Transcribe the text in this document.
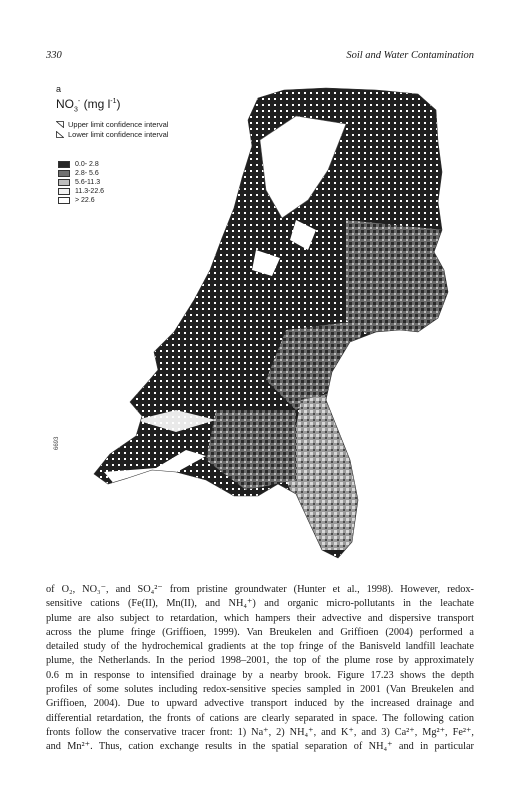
330	Soil and Water Contamination
a
$NO_3^-$ (mg $l^{-1}$)
Upper limit confidence interval
Lower limit confidence interval
0.0- 2.8
2.8- 5.6
5.6-11.3
11.3-22.6
> 22.6
6693
of O₂, NO₃⁻, and SO₄²⁻ from pristine groundwater (Hunter et al., 1998). However, redox-
sensitive cations (Fe(II), Mn(II), and NH₄⁺) and organic micro-pollutants in the leachate
plume are also subject to retardation, which hampers their advective and dispersive transport
across the plume fringe (Griffioen, 1999). Van Breukelen and Griffioen (2004) performed a
detailed study of the hydrochemical gradients at the top fringe of the Banisveld landfill leachate
plume, the Netherlands. In the period 1998–2001, the top of the plume rose by approximately
0.6 m in response to intensified drainage by a nearby brook. Figure 17.23 shows the depth
profiles of some solutes including redox-sensitive species sampled in 2001 (Van Breukelen and
Griffioen, 2004). Due to upward advective transport induced by the increased drainage and
differential retardation, the fronts of cations are clearly separated in space. The following cation
fronts follow the conservative tracer front: 1) Na⁺, 2) NH₄⁺, and K⁺, and 3) Ca²⁺, Mg²⁺, Fe²⁺,
and Mn²⁺. Thus, cation exchange results in the spatial separation of NH₄⁺ and in particular
